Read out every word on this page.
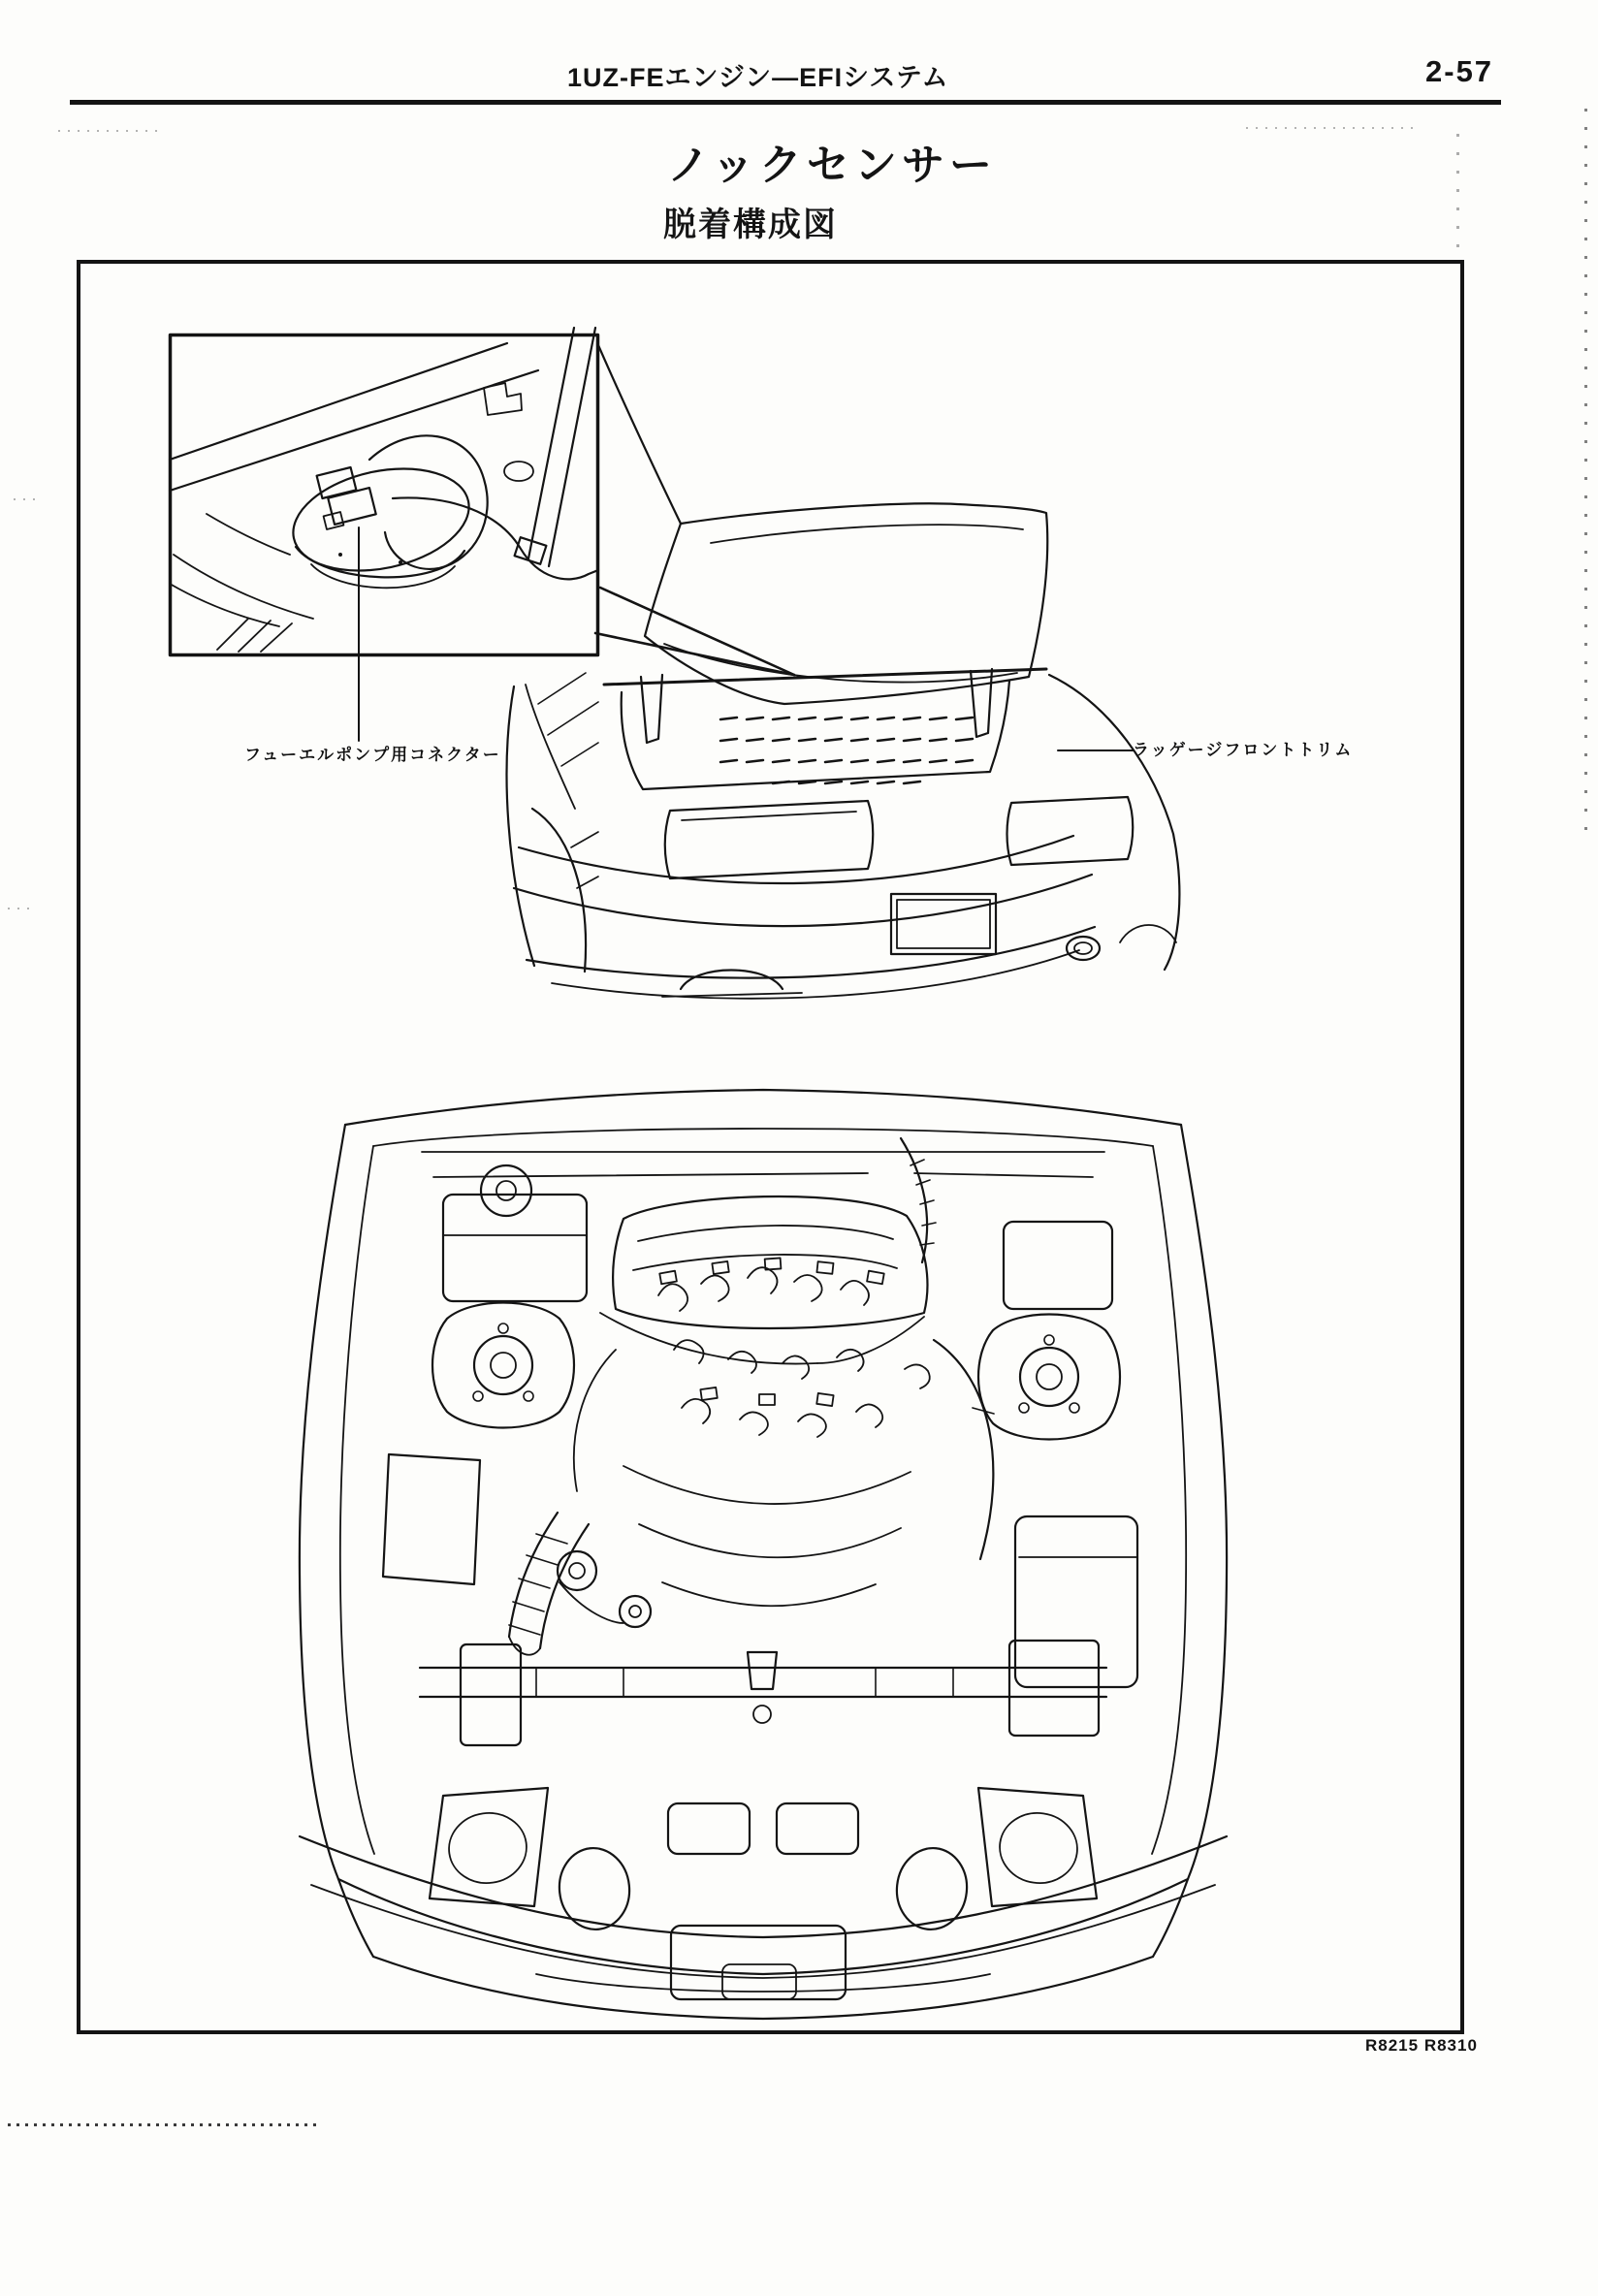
1UZ-FEエンジン—EFIシステム	2-57
ノックセンサー
脱着構成図
フューエルポンプ用コネクター	ラッゲージフロントトリム
R8215 R8310
